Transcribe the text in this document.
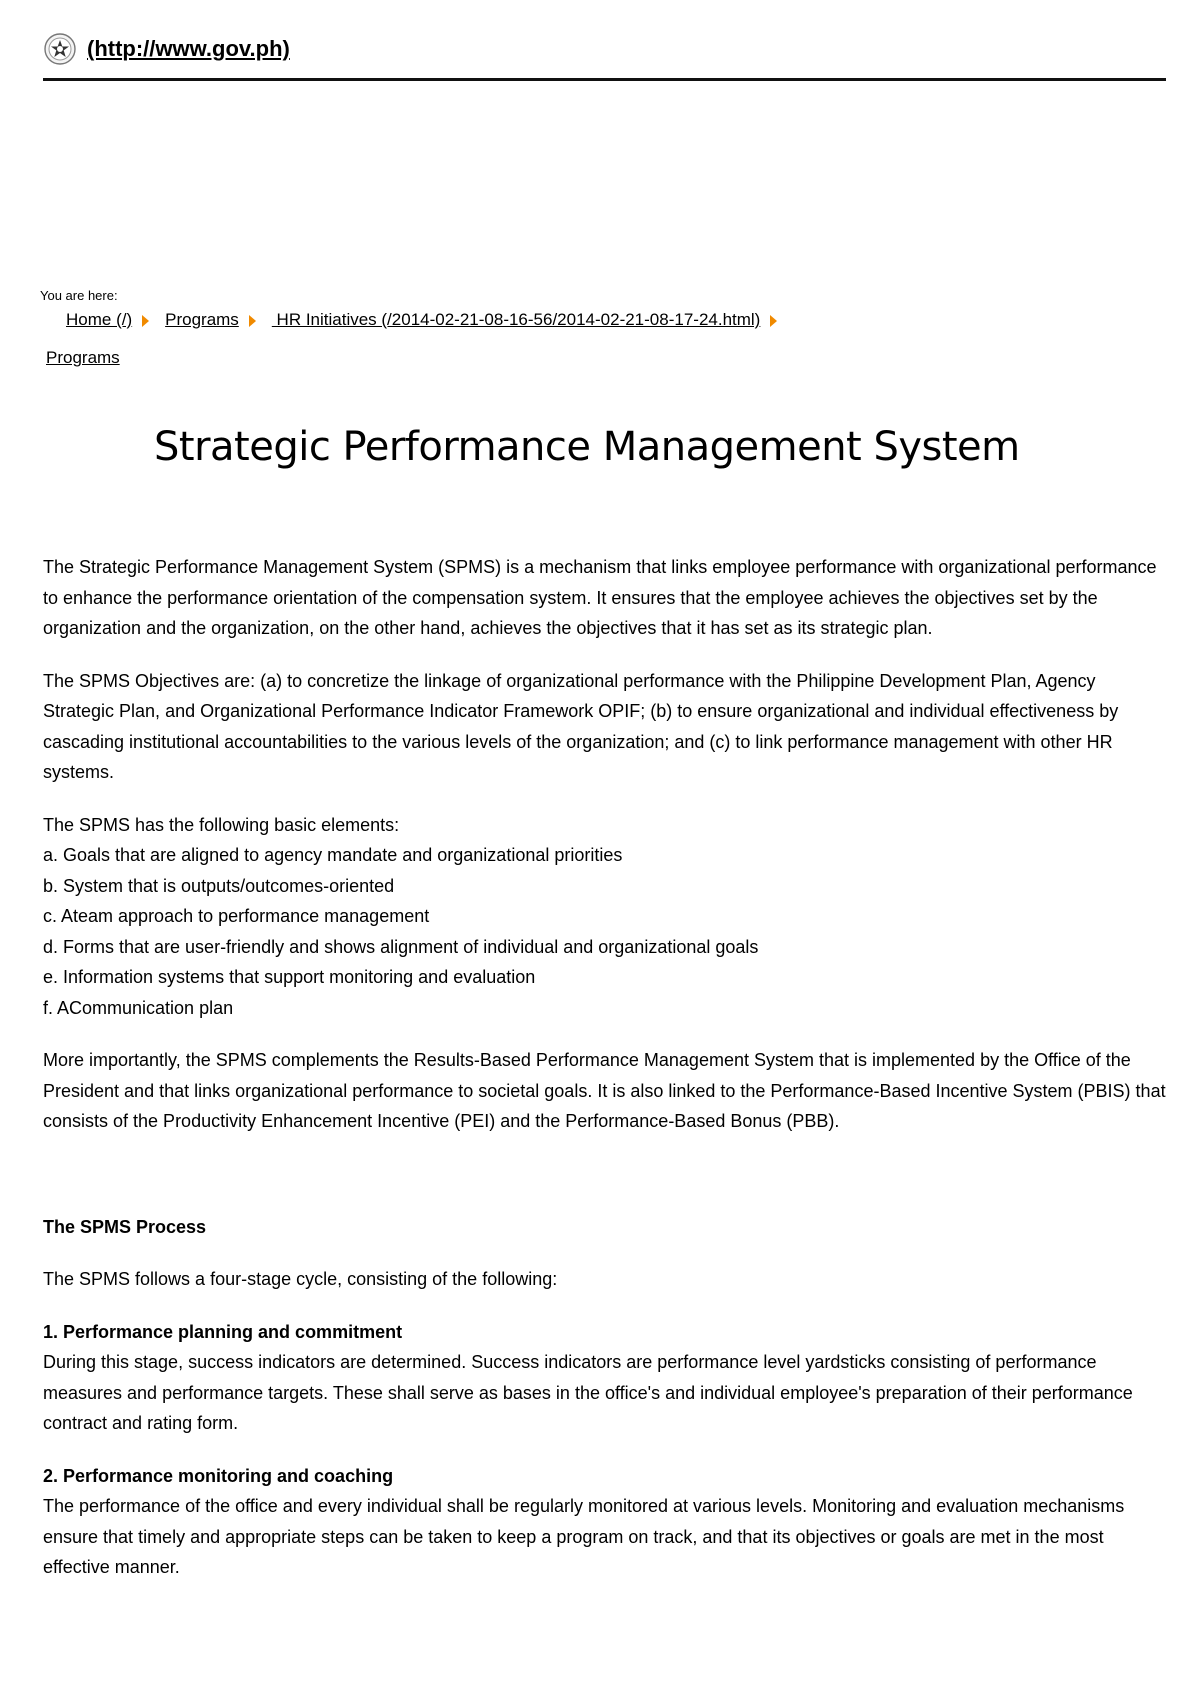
(http://www.gov.ph)
You are here:
Home (/) Programs HR Initiatives (/2014-02-21-08-16-56/2014-02-21-08-17-24.html)
Programs
Strategic Performance Management System

The Strategic Performance Management System (SPMS) is a mechanism that links employee performance with organizational performance to enhance the performance orientation of the compensation system. It ensures that the employee achieves the objectives set by the organization and the organization, on the other hand, achieves the objectives that it has set as its strategic plan.

The SPMS Objectives are: (a) to concretize the linkage of organizational performance with the Philippine Development Plan, Agency Strategic Plan, and Organizational Performance Indicator Framework OPIF; (b) to ensure organizational and individual effectiveness by cascading institutional accountabilities to the various levels of the organization; and (c) to link performance management with other HR systems.

The SPMS has the following basic elements:
a. Goals that are aligned to agency mandate and organizational priorities
b. System that is outputs/outcomes-oriented
c. Ateam approach to performance management
d. Forms that are user-friendly and shows alignment of individual and organizational goals
e. Information systems that support monitoring and evaluation
f. ACommunication plan

More importantly, the SPMS complements the Results-Based Performance Management System that is implemented by the Office of the President and that links organizational performance to societal goals. It is also linked to the Performance-Based Incentive System (PBIS) that consists of the Productivity Enhancement Incentive (PEI) and the Performance-Based Bonus (PBB).

The SPMS Process

The SPMS follows a four-stage cycle, consisting of the following:

1. Performance planning and commitment
During this stage, success indicators are determined. Success indicators are performance level yardsticks consisting of performance measures and performance targets. These shall serve as bases in the office's and individual employee's preparation of their performance contract and rating form.

2. Performance monitoring and coaching
The performance of the office and every individual shall be regularly monitored at various levels. Monitoring and evaluation mechanisms ensure that timely and appropriate steps can be taken to keep a program on track, and that its objectives or goals are met in the most effective manner.
